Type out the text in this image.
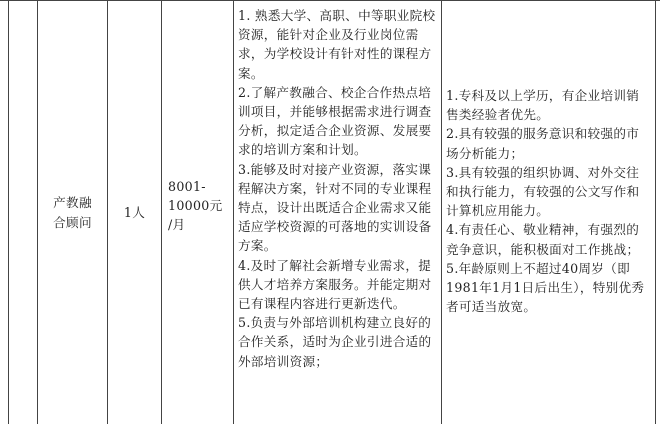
产教融

合顾问

1人

8001-

10000元

/月

1. 熟悉大学、高职、中等职业院校资源，能针对企业及行业岗位需求，为学校设计有针对性的课程方案。

2.了解产教融合、校企合作热点培训项目，并能够根据需求进行调查分析，拟定适合企业资源、发展要求的培训方案和计划。

3.能够及时对接产业资源，落实课程解决方案，针对不同的专业课程特点，设计出既适合企业需求又能适应学校资源的可落地的实训设备方案。

4.及时了解社会新增专业需求，提供人才培养方案服务。并能定期对已有课程内容进行更新迭代。

5.负责与外部培训机构建立良好的合作关系，适时为企业引进合适的外部培训资源；

1.专科及以上学历，有企业培训销售类经验者优先。

2.具有较强的服务意识和较强的市场分析能力；

3.具有较强的组织协调、对外交往和执行能力，有较强的公文写作和计算机应用能力。

4.有责任心、敬业精神，有强烈的竞争意识，能积极面对工作挑战；

5.年龄原则上不超过40周岁（即1981年1月1日后出生），特别优秀者可适当放宽。
